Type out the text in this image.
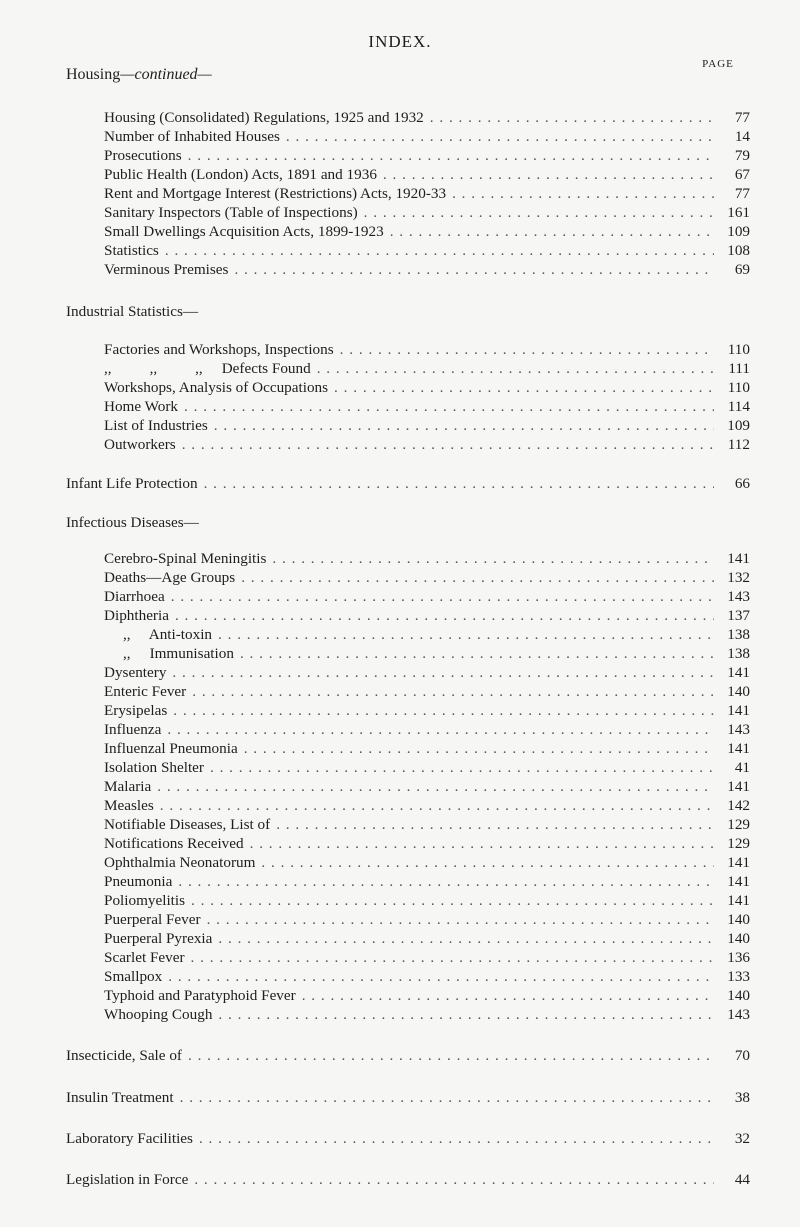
INDEX.
PAGE
Housing—continued—
Housing (Consolidated) Regulations, 1925 and 1932 . . .	77
Number of Inhabited Houses . . .	14
Prosecutions . . .	79
Public Health (London) Acts, 1891 and 1936 . . .	67
Rent and Mortgage Interest (Restrictions) Acts, 1920-33 . . .	77
Sanitary Inspectors (Table of Inspections) . . .	161
Small Dwellings Acquisition Acts, 1899-1923 . . .	109
Statistics . . .	108
Verminous Premises . . .	69
Industrial Statistics—
Factories and Workshops, Inspections . . .	110
,,          ,,          ,,     Defects Found . . .	111
Workshops, Analysis of Occupations . . .	110
Home Work . . .	114
List of Industries . . .	109
Outworkers . . .	112
Infant Life Protection . . .	66
Infectious Diseases—
Cerebro-Spinal Meningitis . . .	141
Deaths—Age Groups . . .	132
Diarrhoea . . .	143
Diphtheria . . .	137
,,     Anti-toxin . . .	138
,,     Immunisation . . .	138
Dysentery . . .	141
Enteric Fever . . .	140
Erysipelas . . .	141
Influenza . . .	143
Influenzal Pneumonia . . .	141
Isolation Shelter . . .	41
Malaria . . .	141
Measles . . .	142
Notifiable Diseases, List of . . .	129
Notifications Received . . .	129
Ophthalmia Neonatorum . . .	141
Pneumonia . . .	141
Poliomyelitis . . .	141
Puerperal Fever . . .	140
Puerperal Pyrexia . . .	140
Scarlet Fever . . .	136
Smallpox . . .	133
Typhoid and Paratyphoid Fever . . .	140
Whooping Cough . . .	143
Insecticide, Sale of . . .	70
Insulin Treatment . . .	38
Laboratory Facilities . . .	32
Legislation in Force . . .	44
